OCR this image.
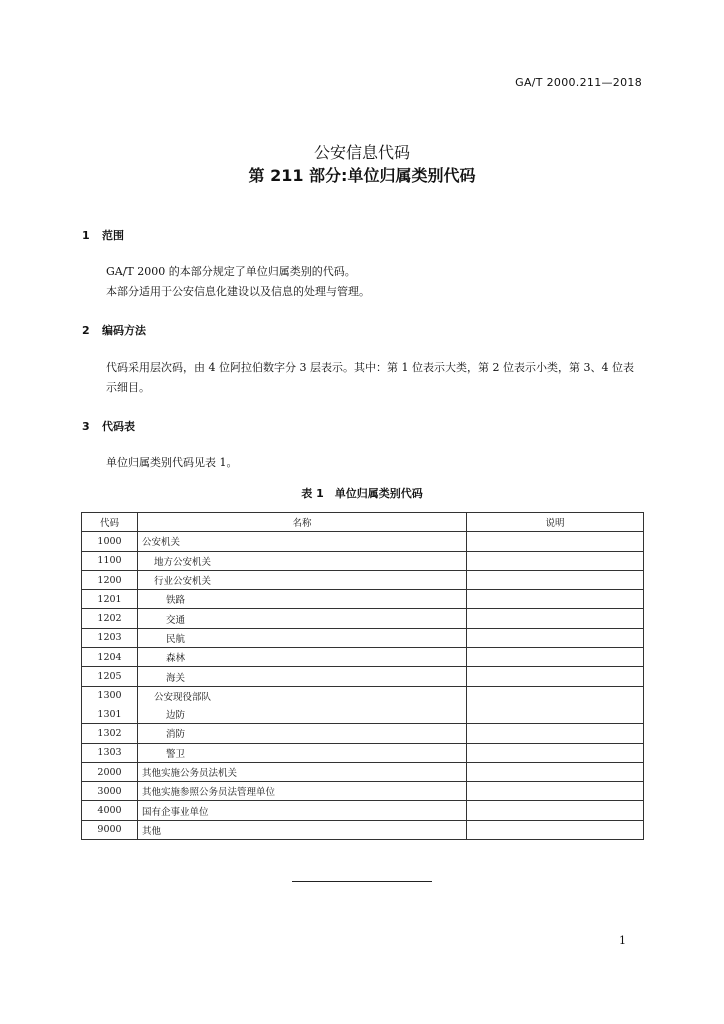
GA/T 2000.211—2018
公安信息代码
第 211 部分:单位归属类别代码
1 范围
GA/T 2000 的本部分规定了单位归属类别的代码。
本部分适用于公安信息化建设以及信息的处理与管理。
2 编码方法
代码采用层次码，由 4 位阿拉伯数字分 3 层表示。其中：第 1 位表示大类，第 2 位表示小类，第 3、4 位表示细目。
3 代码表
单位归属类别代码见表 1。
表 1　单位归属类别代码
代码	名称	说明
1000	公安机关	
1100	地方公安机关	
1200	行业公安机关	
1201	铁路	
1202	交通	
1203	民航	
1204	森林	
1205	海关	
1300	公安现役部队	
1301	边防	
1302	消防	
1303	警卫	
2000	其他实施公务员法机关	
3000	其他实施参照公务员法管理单位	
4000	国有企事业单位	
9000	其他	
1
